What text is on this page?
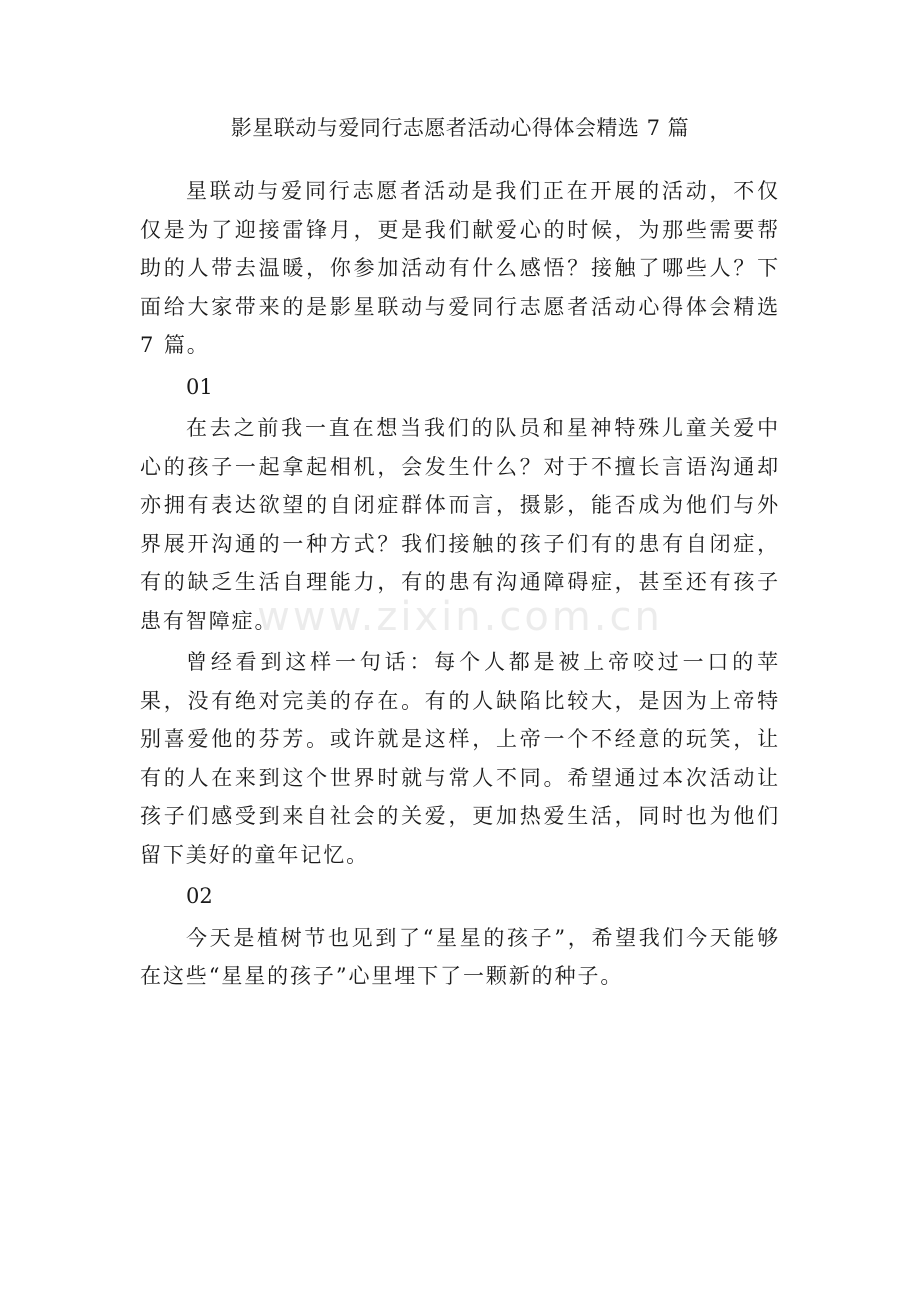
影星联动与爱同行志愿者活动心得体会精选 7 篇

星联动与爱同行志愿者活动是我们正在开展的活动，不仅仅是为了迎接雷锋月，更是我们献爱心的时候，为那些需要帮助的人带去温暖，你参加活动有什么感悟？接触了哪些人？下面给大家带来的是影星联动与爱同行志愿者活动心得体会精选 7 篇。

01

在去之前我一直在想当我们的队员和星神特殊儿童关爱中心的孩子一起拿起相机，会发生什么？对于不擅长言语沟通却亦拥有表达欲望的自闭症群体而言，摄影，能否成为他们与外界展开沟通的一种方式？我们接触的孩子们有的患有自闭症，有的缺乏生活自理能力，有的患有沟通障碍症，甚至还有孩子患有智障症。

曾经看到这样一句话：每个人都是被上帝咬过一口的苹果，没有绝对完美的存在。有的人缺陷比较大，是因为上帝特别喜爱他的芬芳。或许就是这样，上帝一个不经意的玩笑，让有的人在来到这个世界时就与常人不同。希望通过本次活动让孩子们感受到来自社会的关爱，更加热爱生活，同时也为他们留下美好的童年记忆。

02

今天是植树节也见到了“星星的孩子”，希望我们今天能够在这些“星星的孩子”心里埋下了一颗新的种子。

www.zixin.com.cn
